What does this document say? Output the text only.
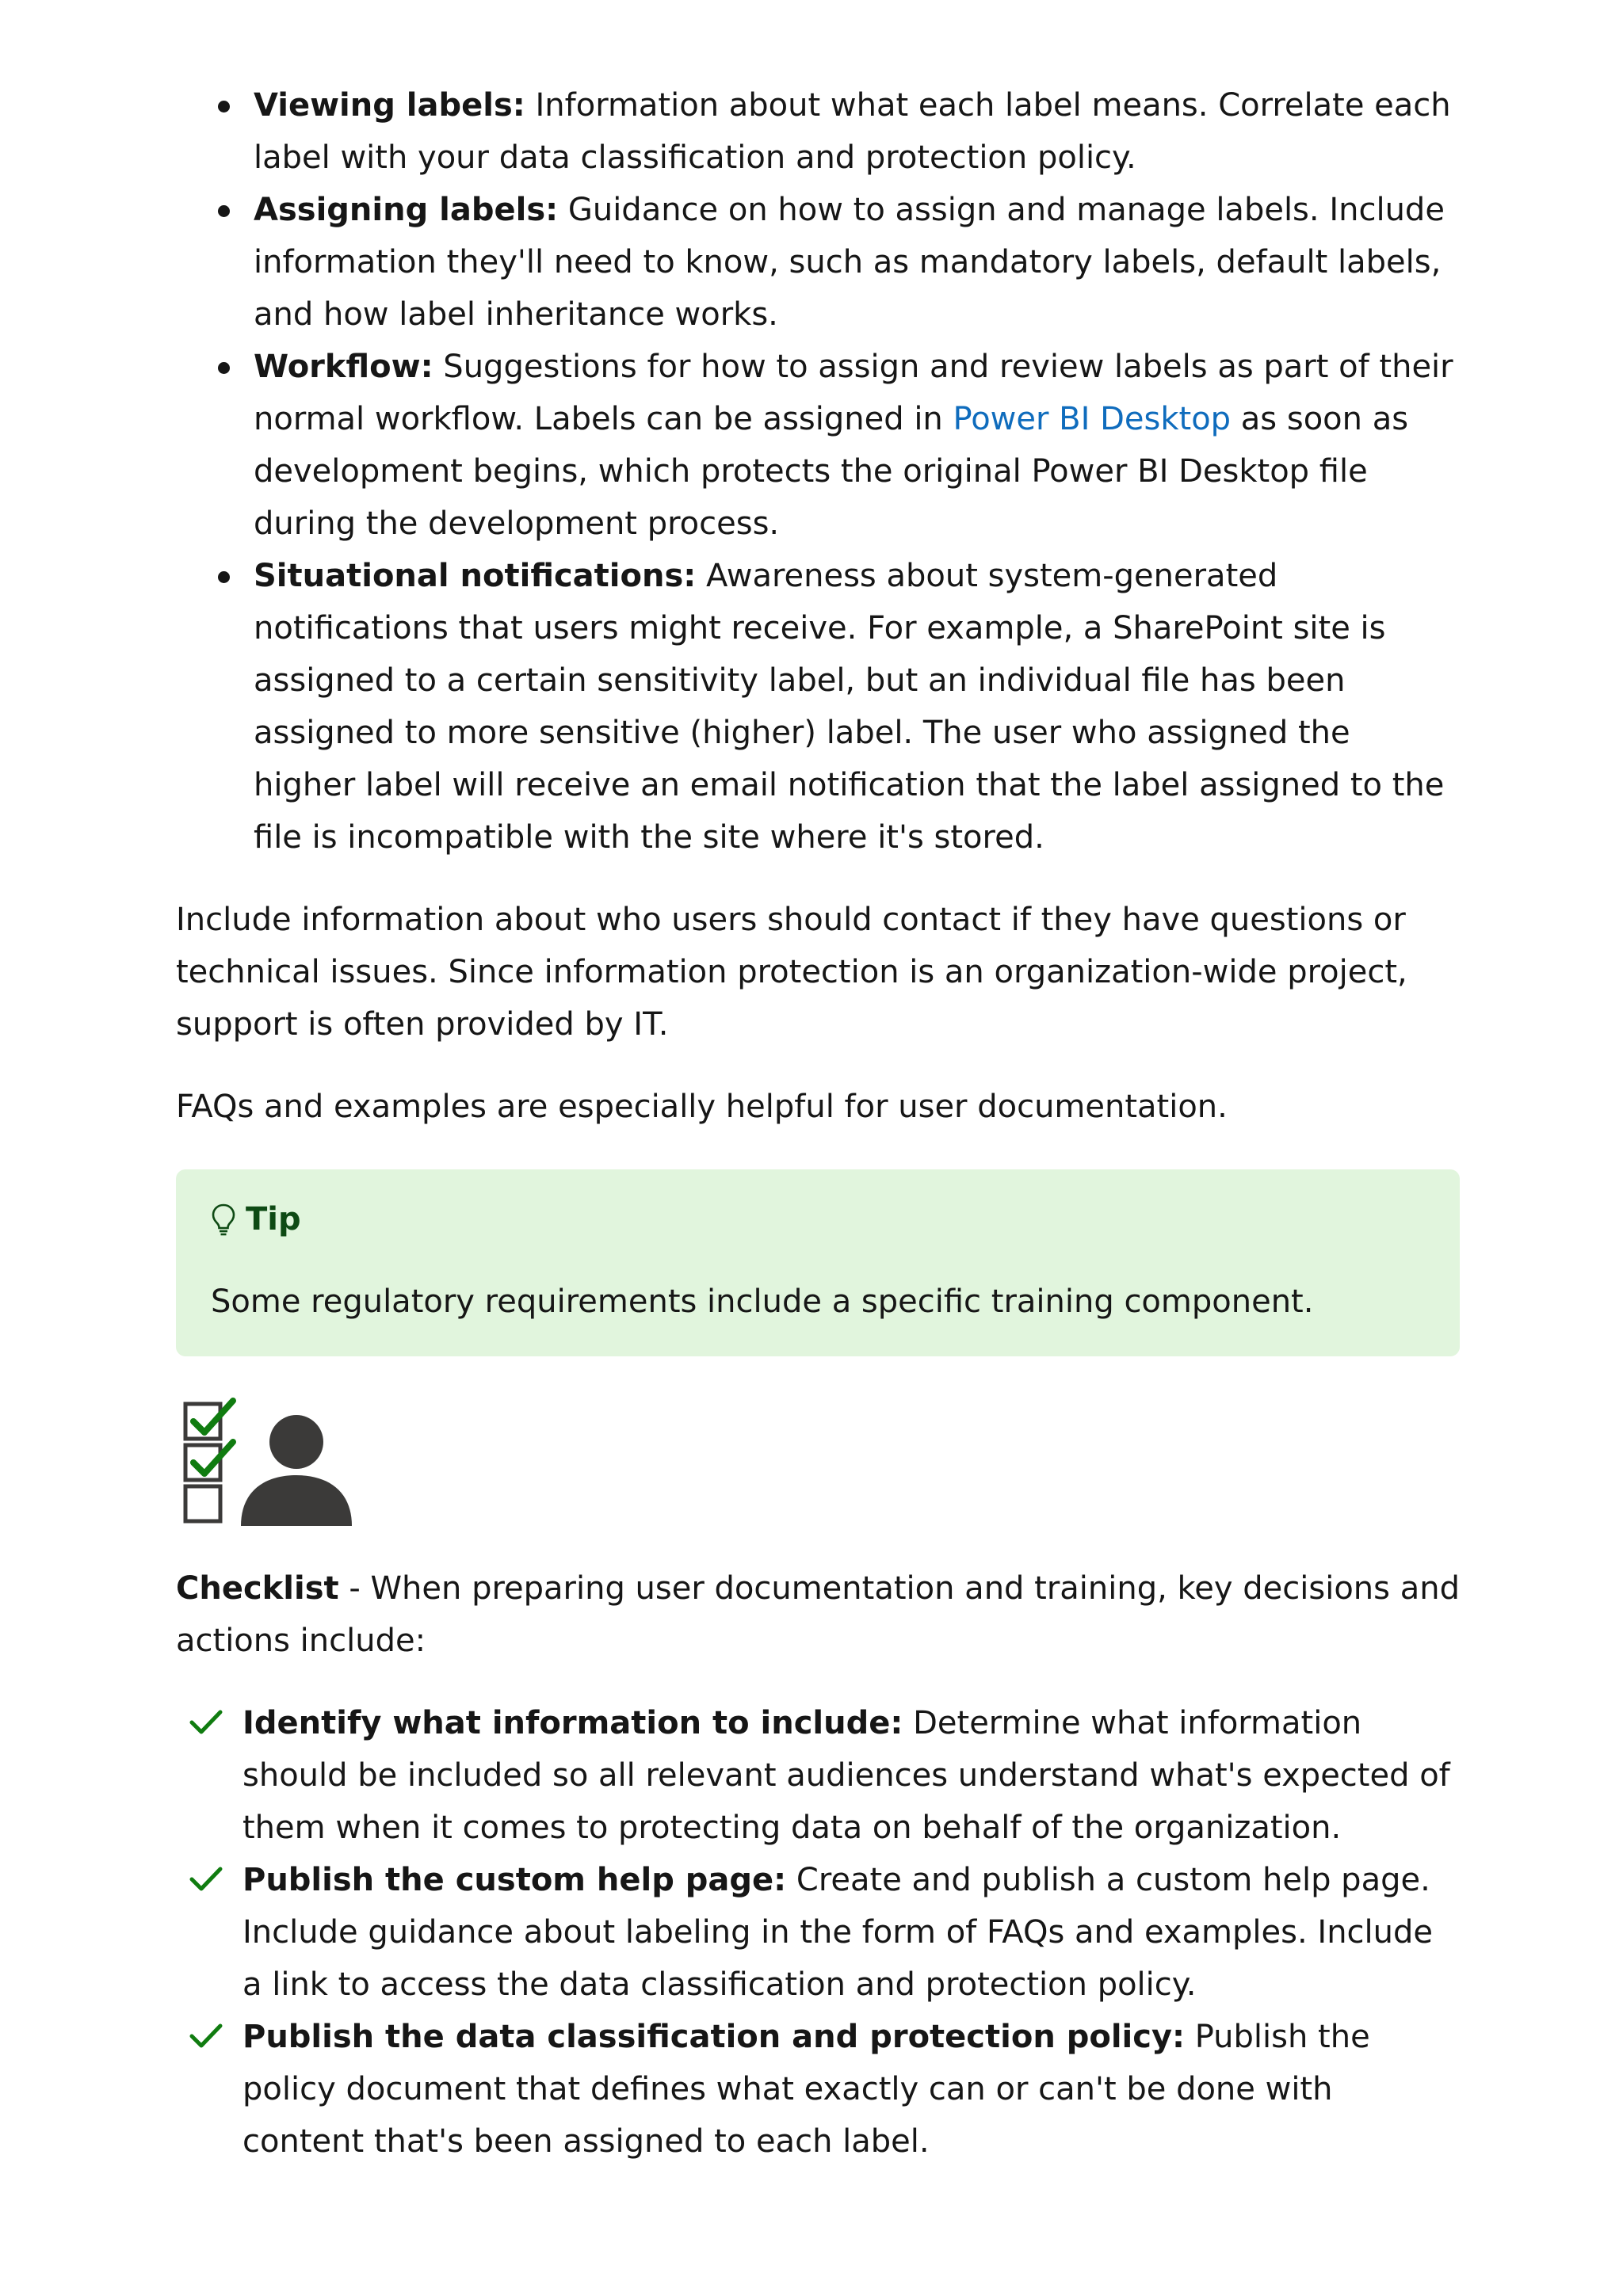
Viewing labels: Information about what each label means. Correlate each label with your data classification and protection policy.
Assigning labels: Guidance on how to assign and manage labels. Include information they'll need to know, such as mandatory labels, default labels, and how label inheritance works.
Workflow: Suggestions for how to assign and review labels as part of their normal workflow. Labels can be assigned in Power BI Desktop as soon as development begins, which protects the original Power BI Desktop file during the development process.
Situational notifications: Awareness about system-generated notifications that users might receive. For example, a SharePoint site is assigned to a certain sensitivity label, but an individual file has been assigned to more sensitive (higher) label. The user who assigned the higher label will receive an email notification that the label assigned to the file is incompatible with the site where it's stored.

Include information about who users should contact if they have questions or technical issues. Since information protection is an organization-wide project, support is often provided by IT.

FAQs and examples are especially helpful for user documentation.

Tip
Some regulatory requirements include a specific training component.

Checklist - When preparing user documentation and training, key decisions and actions include:

Identify what information to include: Determine what information should be included so all relevant audiences understand what's expected of them when it comes to protecting data on behalf of the organization.
Publish the custom help page: Create and publish a custom help page. Include guidance about labeling in the form of FAQs and examples. Include a link to access the data classification and protection policy.
Publish the data classification and protection policy: Publish the policy document that defines what exactly can or can't be done with content that's been assigned to each label.
